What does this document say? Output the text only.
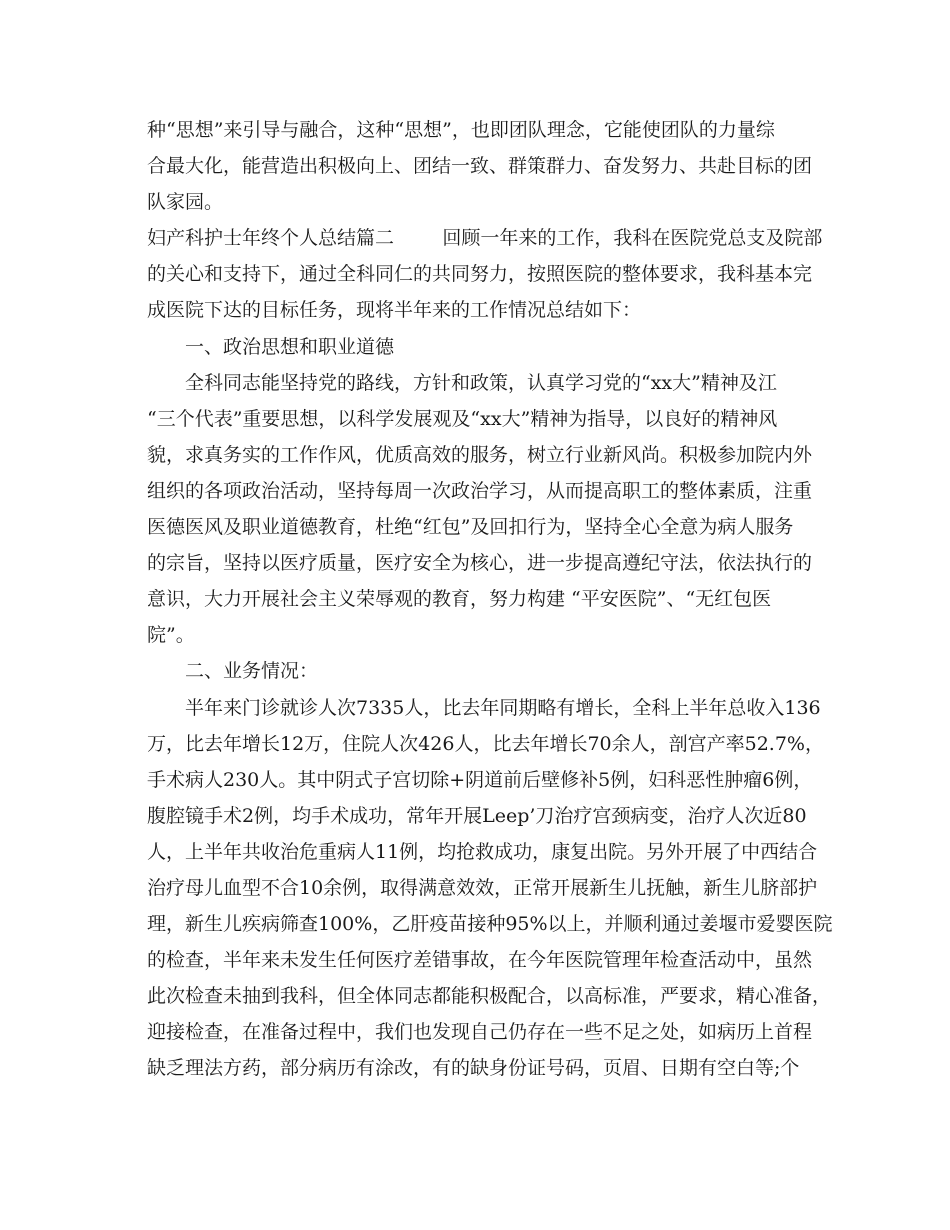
种“思想”来引导与融合，这种“思想”，也即团队理念，它能使团队的力量综
合最大化，能营造出积极向上、团结一致、群策群力、奋发努力、共赴目标的团
队家园。
妇产科护士年终个人总结篇二        回顾一年来的工作，我科在医院党总支及院部
的关心和支持下，通过全科同仁的共同努力，按照医院的整体要求，我科基本完
成医院下达的目标任务，现将半年来的工作情况总结如下：
一、政治思想和职业道德
全科同志能坚持党的路线，方针和政策，认真学习党的“xx大”精神及江
“三个代表”重要思想，以科学发展观及“xx大”精神为指导，以良好的精神风
貌，求真务实的工作作风，优质高效的服务，树立行业新风尚。积极参加院内外
组织的各项政治活动，坚持每周一次政治学习，从而提高职工的整体素质，注重
医德医风及职业道德教育，杜绝“红包”及回扣行为，坚持全心全意为病人服务
的宗旨，坚持以医疗质量，医疗安全为核心，进一步提高遵纪守法，依法执行的
意识，大力开展社会主义荣辱观的教育，努力构建 “平安医院”、“无红包医
院”。
二、业务情况：
半年来门诊就诊人次7335人，比去年同期略有增长，全科上半年总收入136
万，比去年增长12万，住院人次426人，比去年增长70余人，剖宫产率52.7%，
手术病人230人。其中阴式子宫切除+阴道前后壁修补5例，妇科恶性肿瘤6例，
腹腔镜手术2例，均手术成功，常年开展Leep’刀治疗宫颈病变，治疗人次近80
人，上半年共收治危重病人11例，均抢救成功，康复出院。另外开展了中西结合
治疗母儿血型不合10余例，取得满意效效，正常开展新生儿抚触，新生儿脐部护
理，新生儿疾病筛查100%，乙肝疫苗接种95%以上，并顺利通过姜堰市爱婴医院
的检查，半年来未发生任何医疗差错事故，在今年医院管理年检查活动中，虽然
此次检查未抽到我科，但全体同志都能积极配合，以高标准，严要求，精心准备，
迎接检查，在准备过程中，我们也发现自己仍存在一些不足之处，如病历上首程
缺乏理法方药，部分病历有涂改，有的缺身份证号码，页眉、日期有空白等;个
